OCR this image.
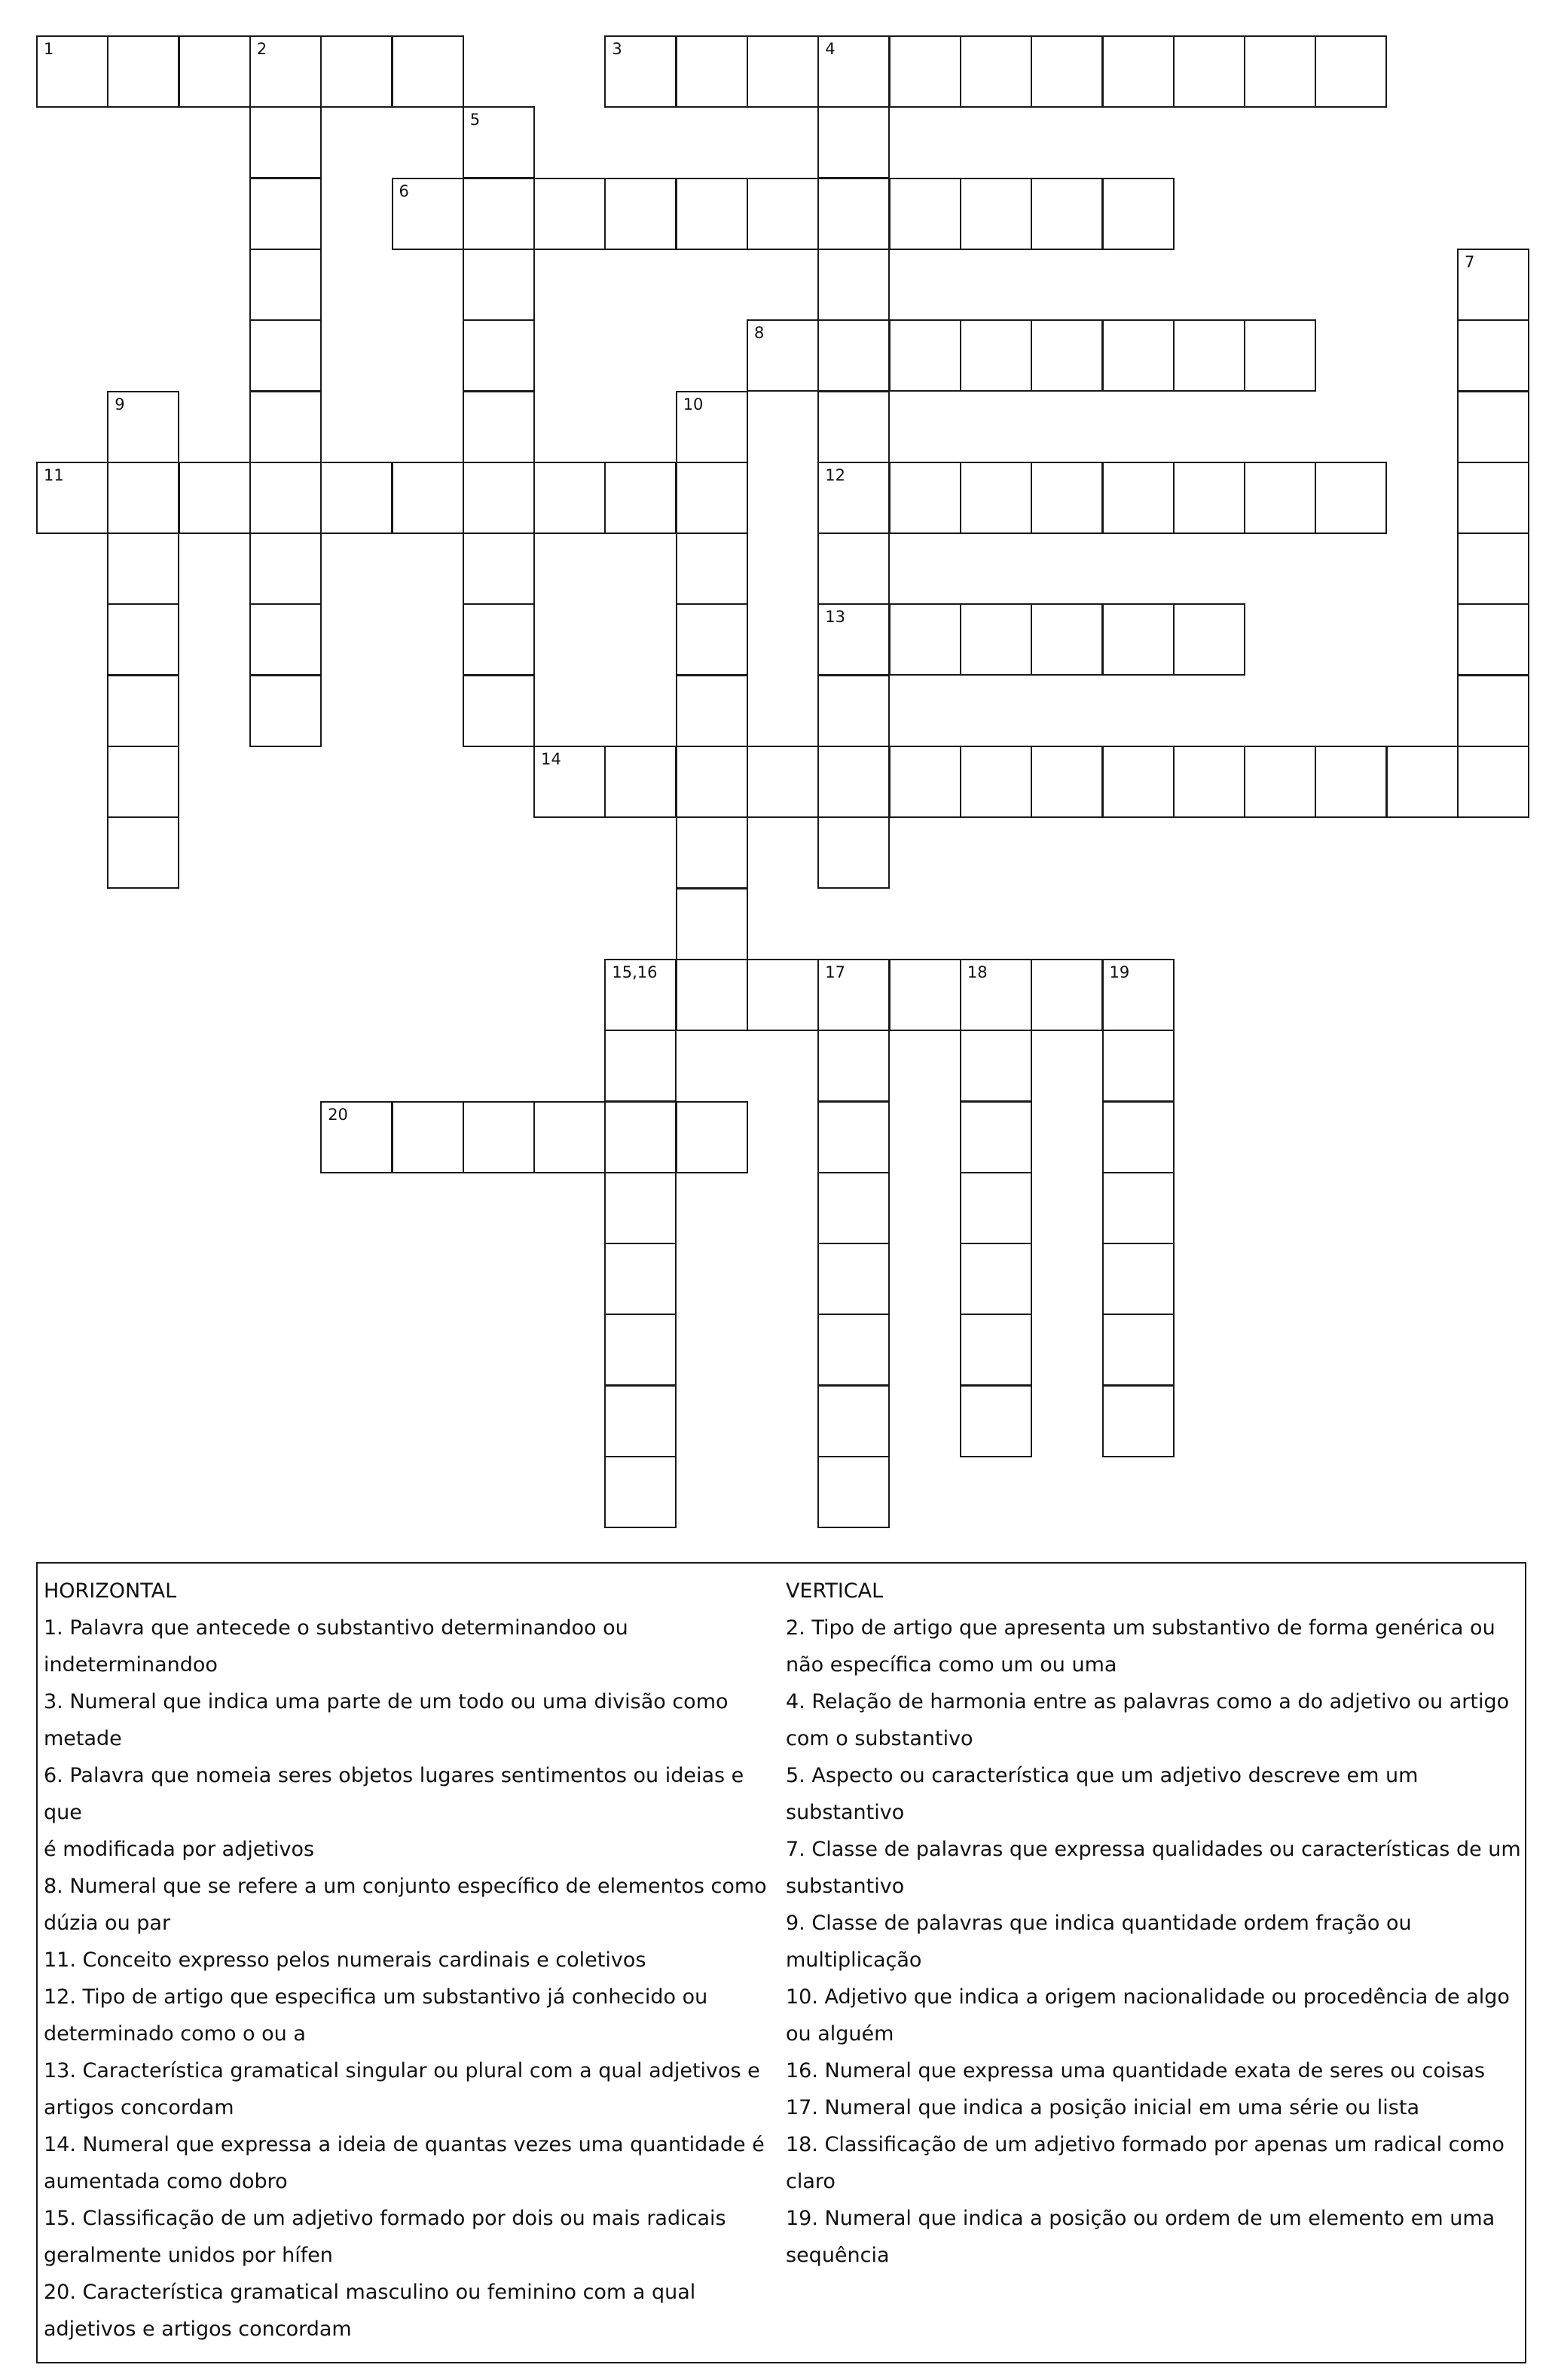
1	2	3	4
6
8
11	12
13
14
15,16	17	18	19
20
5
7
9	10
HORIZONTAL
1. Palavra que antecede o substantivo determinandoo ou
indeterminandoo
3. Numeral que indica uma parte de um todo ou uma divisão como
metade
6. Palavra que nomeia seres objetos lugares sentimentos ou ideias e que
é modificada por adjetivos
8. Numeral que se refere a um conjunto específico de elementos como
dúzia ou par
11. Conceito expresso pelos numerais cardinais e coletivos
12. Tipo de artigo que especifica um substantivo já conhecido ou
determinado como o ou a
13. Característica gramatical singular ou plural com a qual adjetivos e
artigos concordam
14. Numeral que expressa a ideia de quantas vezes uma quantidade é
aumentada como dobro
15. Classificação de um adjetivo formado por dois ou mais radicais
geralmente unidos por hífen
20. Característica gramatical masculino ou feminino com a qual
adjetivos e artigos concordam
VERTICAL
2. Tipo de artigo que apresenta um substantivo de forma genérica ou
não específica como um ou uma
4. Relação de harmonia entre as palavras como a do adjetivo ou artigo
com o substantivo
5. Aspecto ou característica que um adjetivo descreve em um
substantivo
7. Classe de palavras que expressa qualidades ou características de um
substantivo
9. Classe de palavras que indica quantidade ordem fração ou
multiplicação
10. Adjetivo que indica a origem nacionalidade ou procedência de algo
ou alguém
16. Numeral que expressa uma quantidade exata de seres ou coisas
17. Numeral que indica a posição inicial em uma série ou lista
18. Classificação de um adjetivo formado por apenas um radical como
claro
19. Numeral que indica a posição ou ordem de um elemento em uma
sequência
